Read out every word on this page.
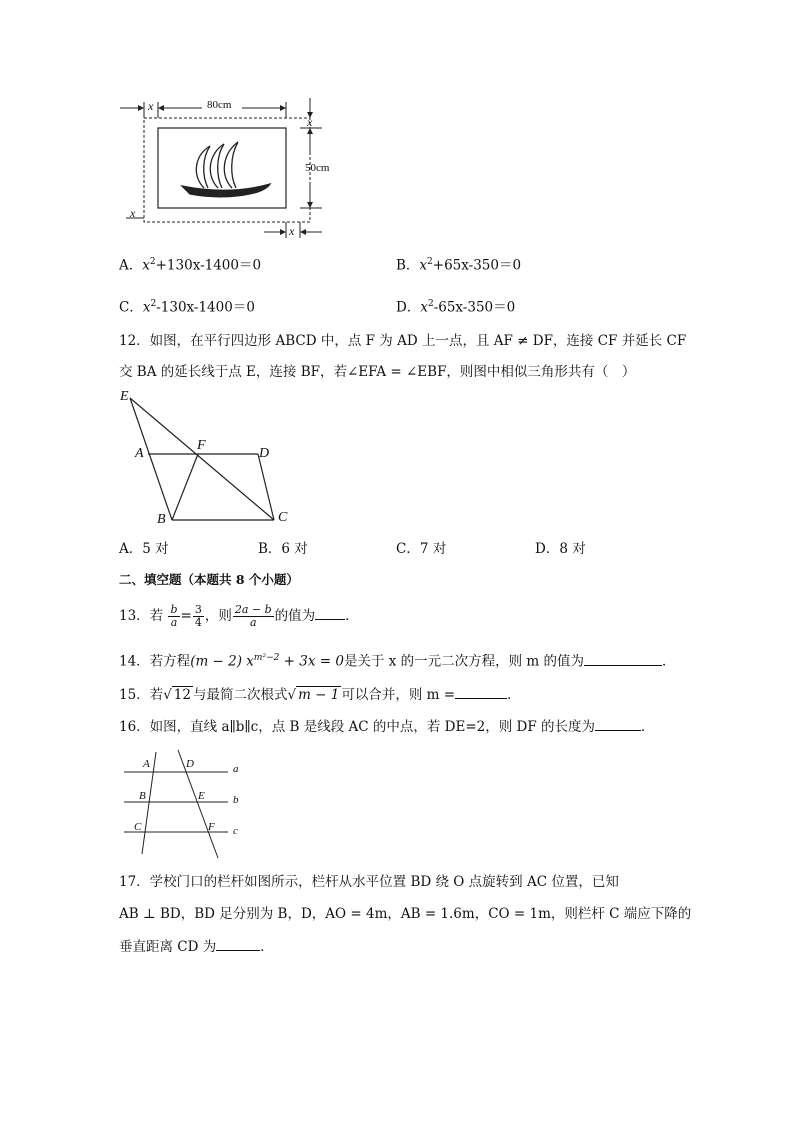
x	80cm
x
50cm
x
x
A．$x^2+130x-1400=0$	B．$x^2+65x-350=0$
C．$x^2-130x-1400=0$	D．$x^2-65x-350=0$
12．如图，在平行四边形 ABCD 中，点 F 为 AD 上一点，且 AF ≠ DF，连接 CF 并延长 CF
交 BA 的延长线于点 E，连接 BF，若∠EFA = ∠EBF，则图中相似三角形共有（　）
E
A
F
D
B	C
A．5 对	B．6 对	C．7 对	D．8 对
二、填空题（本题共 8 个小题）
13．若 $\frac{b}{a} = \frac{3}{4}$ ，则 $\frac{2a - b}{a}$ 的值为 ．
14．若方程(m − 2) $x^{m^2-2} + 3x = 0$是关于 x 的一元二次方程，则 m 的值为	．
15．若√ 12 与最简二次根式√ m − 1 可以合并，则 m =	．
16．如图，直线 a∥b∥c，点 B 是线段 AC 的中点，若 DE=2，则 DF 的长度为	．
A	D	a
B	E	b
C	F c
17．学校门口的栏杆如图所示，栏杆从水平位置 BD 绕 O 点旋转到 AC 位置，已知
AB ⊥ BD，BD 足分别为 B，D，AO = 4m，AB = 1.6m，CO = 1m，则栏杆 C 端应下降的
垂直距离 CD 为	．
